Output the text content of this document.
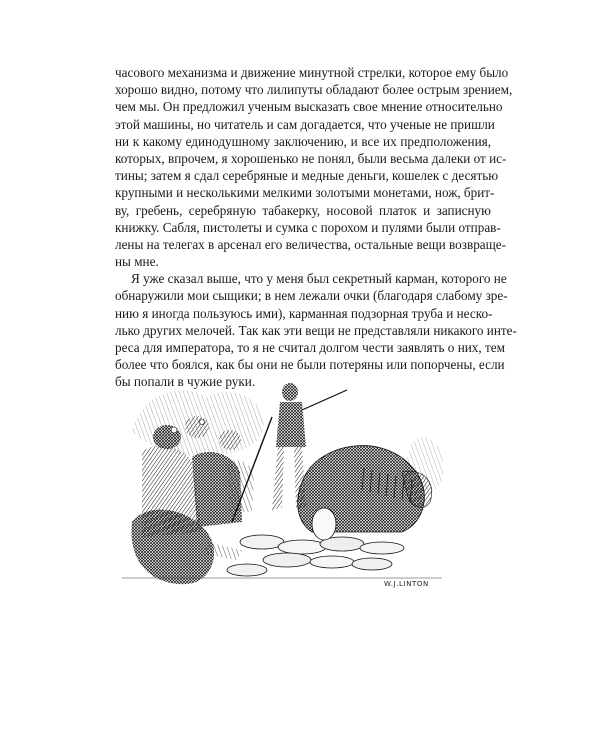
часового механизма и движение минутной стрелки, которое ему было
хорошо видно, потому что лилипуты обладают более острым зрением,
чем мы. Он предложил ученым высказать свое мнение относительно
этой машины, но читатель и сам догадается, что ученые не пришли
ни к какому единодушному заключению, и все их предположения,
которых, впрочем, я хорошенько не понял, были весьма далеки от ис-
тины; затем я сдал серебряные и медные деньги, кошелек с десятью
крупными и несколькими мелкими золотыми монетами, нож, брит-
ву, гребень, серебряную табакерку, носовой платок и записную
книжку. Сабля, пистолеты и сумка с порохом и пулями были отправ-
лены на телегах в арсенал его величества, остальные вещи возвраще-
ны мне.
Я уже сказал выше, что у меня был секретный карман, которого не
обнаружили мои сыщики; в нем лежали очки (благодаря слабому зре-
нию я иногда пользуюсь ими), карманная подзорная труба и неско-
лько других мелочей. Так как эти вещи не представляли никакого инте-
реса для императора, то я не считал долгом чести заявлять о них, тем
более что боялся, как бы они не были потеряны или попорчены, если
бы попали в чужие руки.
W.J.LINTON
